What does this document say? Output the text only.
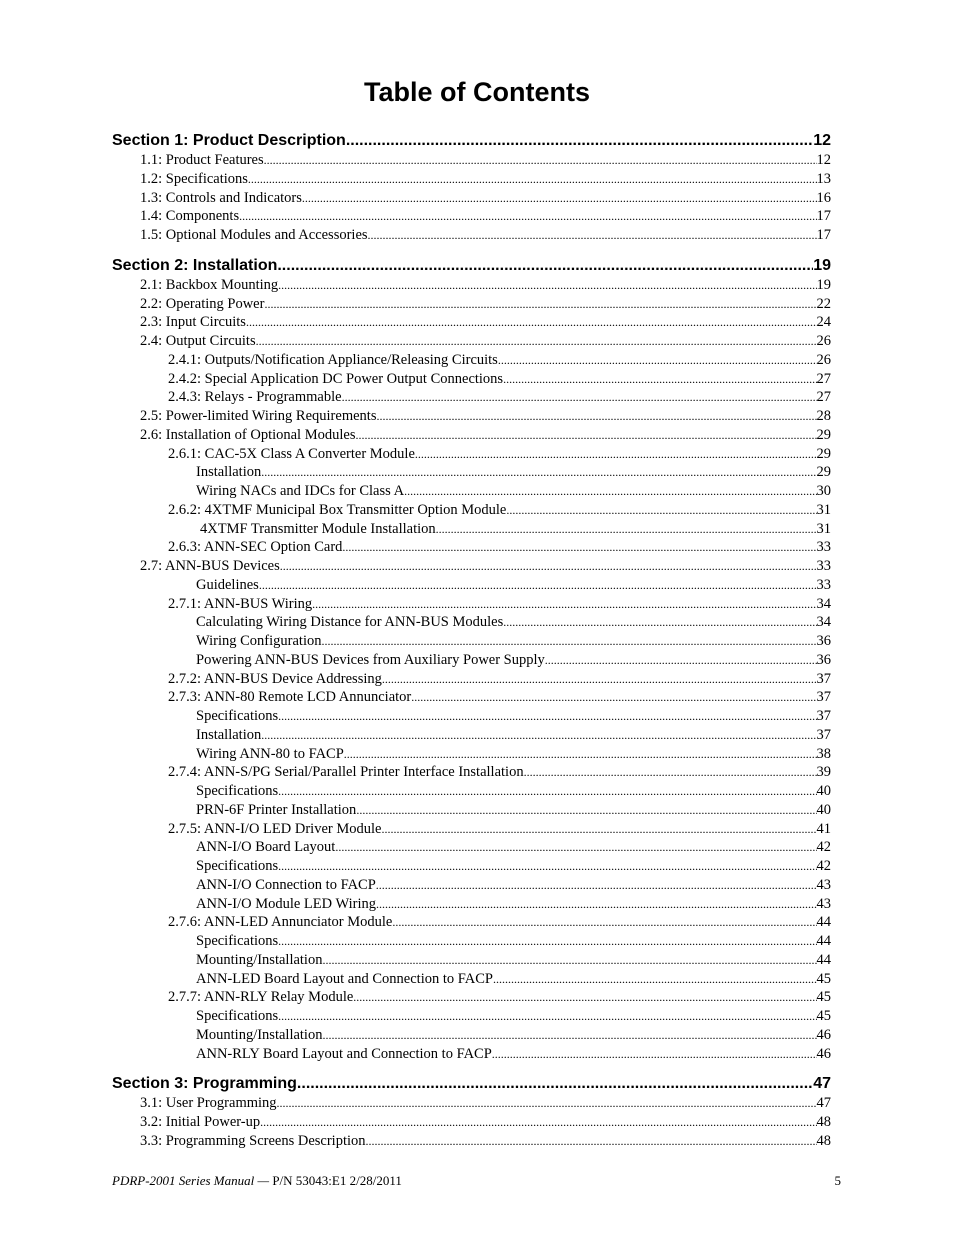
Table of Contents
Section 1: Product Description .....	12
1.1: Product Features .....	12
1.2: Specifications .....	13
1.3: Controls and Indicators .....	16
1.4: Components .....	17
1.5: Optional Modules and Accessories .....	17
Section 2: Installation .....	19
2.1: Backbox Mounting .....	19
2.2: Operating Power .....	22
2.3: Input Circuits .....	24
2.4: Output Circuits .....	26
2.4.1: Outputs/Notification Appliance/Releasing Circuits .....	26
2.4.2: Special Application DC Power Output Connections .....	27
2.4.3: Relays - Programmable .....	27
2.5: Power-limited Wiring Requirements .....	28
2.6: Installation of Optional Modules .....	29
2.6.1: CAC-5X Class A Converter Module .....	29
Installation .....	29
Wiring NACs and IDCs for Class A .....	30
2.6.2: 4XTMF Municipal Box Transmitter Option Module .....	31
4XTMF Transmitter Module Installation .....	31
2.6.3: ANN-SEC Option Card .....	33
2.7: ANN-BUS Devices .....	33
Guidelines .....	33
2.7.1: ANN-BUS Wiring .....	34
Calculating Wiring Distance for ANN-BUS Modules .....	34
Wiring Configuration .....	36
Powering ANN-BUS Devices from Auxiliary Power Supply .....	36
2.7.2: ANN-BUS Device Addressing .....	37
2.7.3: ANN-80 Remote LCD Annunciator .....	37
Specifications .....	37
Installation .....	37
Wiring ANN-80 to FACP .....	38
2.7.4: ANN-S/PG Serial/Parallel Printer Interface Installation .....	39
Specifications .....	40
PRN-6F Printer Installation .....	40
2.7.5: ANN-I/O LED Driver Module .....	41
ANN-I/O Board Layout .....	42
Specifications .....	42
ANN-I/O Connection to FACP .....	43
ANN-I/O Module LED Wiring .....	43
2.7.6: ANN-LED Annunciator Module .....	44
Specifications .....	44
Mounting/Installation .....	44
ANN-LED Board Layout and Connection to FACP .....	45
2.7.7: ANN-RLY Relay Module .....	45
Specifications .....	45
Mounting/Installation .....	46
ANN-RLY Board Layout and Connection to FACP .....	46
Section 3: Programming .....	47
3.1: User Programming .....	47
3.2: Initial Power-up .....	48
3.3: Programming Screens Description .....	48
PDRP-2001 Series Manual — P/N 53043:E1 2/28/2011	5
